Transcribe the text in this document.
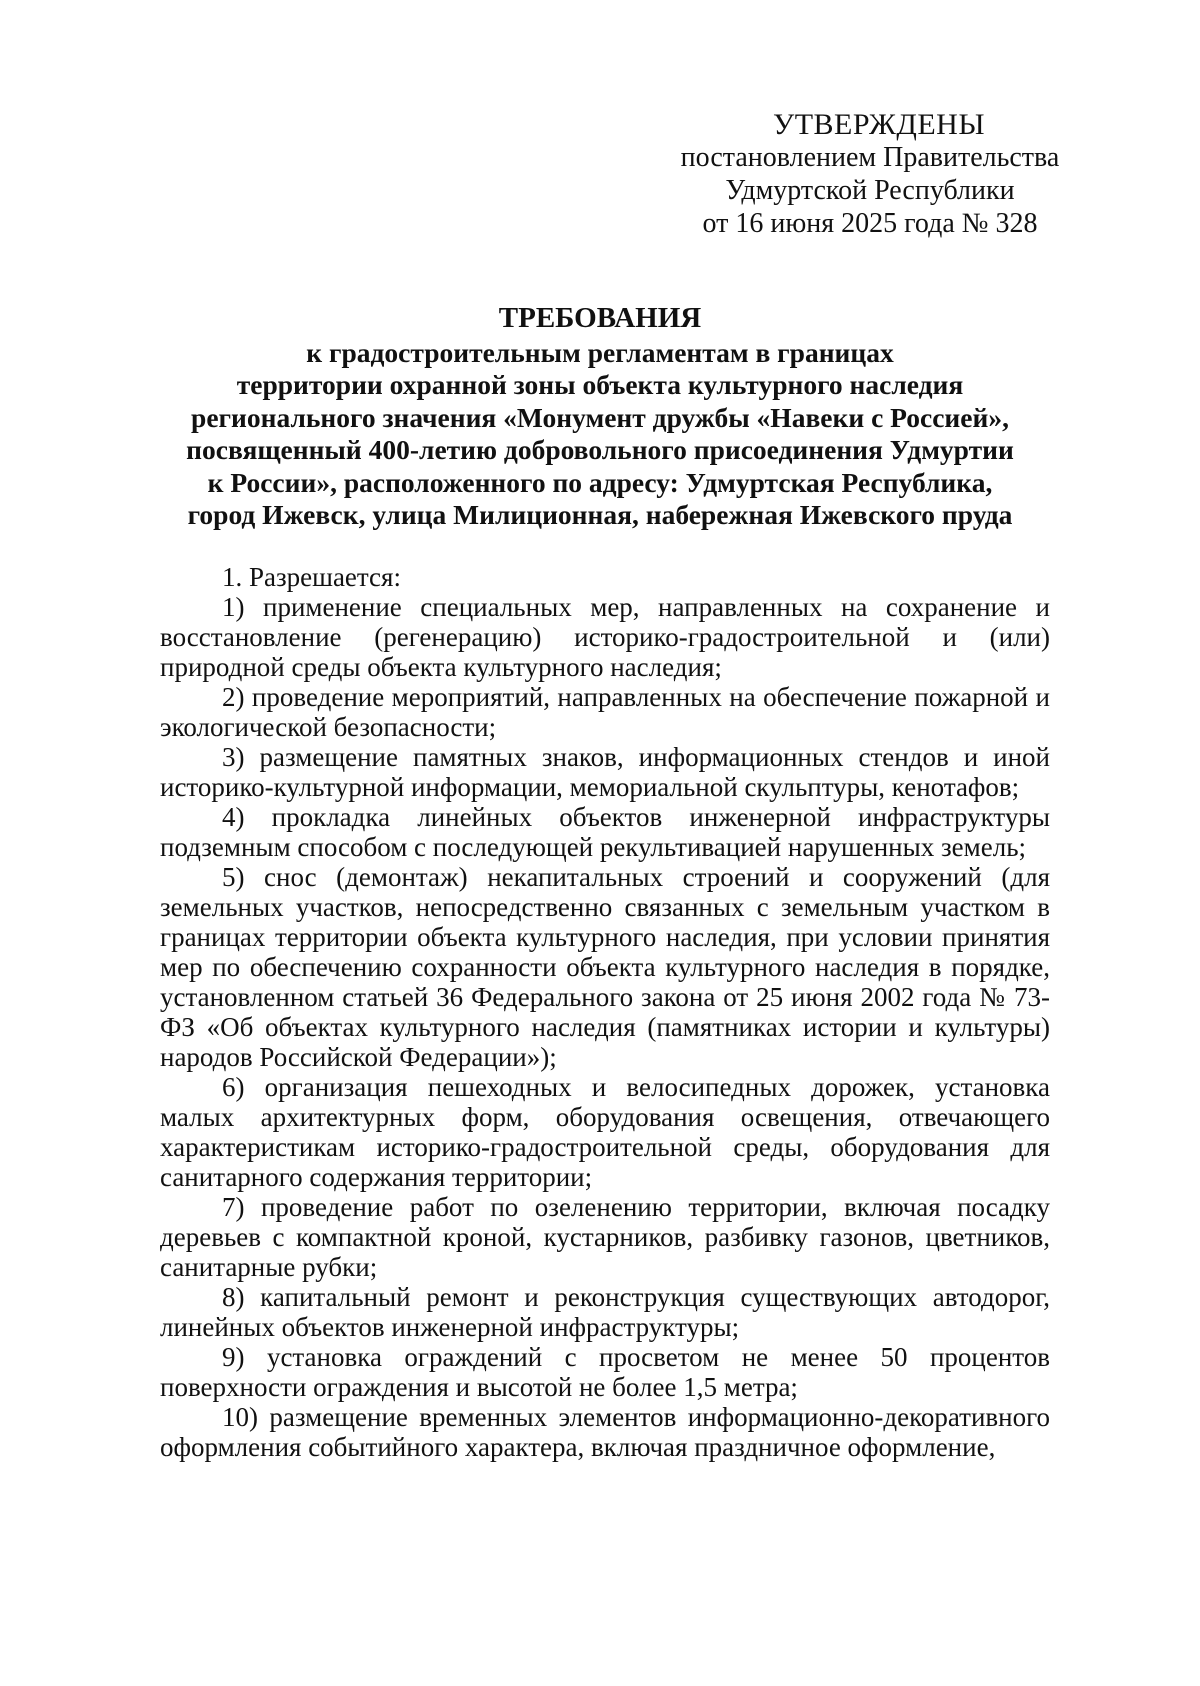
УТВЕРЖДЕНЫ
постановлением Правительства
Удмуртской Республики
от 16 июня 2025 года № 328
ТРЕБОВАНИЯ
к градостроительным регламентам в границах
территории охранной зоны объекта культурного наследия
регионального значения «Монумент дружбы «Навеки с Россией»,
посвященный 400-летию добровольного присоединения Удмуртии
к России», расположенного по адресу: Удмуртская Республика,
город Ижевск, улица Милиционная, набережная Ижевского пруда

1. Разрешается:

1) применение специальных мер, направленных на сохранение и восстановление (регенерацию) историко-градостроительной и (или) природной среды объекта культурного наследия;

2) проведение мероприятий, направленных на обеспечение пожарной и экологической безопасности;

3) размещение памятных знаков, информационных стендов и иной историко-культурной информации, мемориальной скульптуры, кенотафов;

4) прокладка линейных объектов инженерной инфраструктуры подземным способом с последующей рекультивацией нарушенных земель;

5) снос (демонтаж) некапитальных строений и сооружений (для земельных участков, непосредственно связанных с земельным участком в границах территории объекта культурного наследия, при условии принятия мер по обеспечению сохранности объекта культурного наследия в порядке, установленном статьей 36 Федерального закона от 25 июня 2002 года № 73-ФЗ «Об объектах культурного наследия (памятниках истории и культуры) народов Российской Федерации»);

6) организация пешеходных и велосипедных дорожек, установка малых архитектурных форм, оборудования освещения, отвечающего характеристикам историко-градостроительной среды, оборудования для санитарного содержания территории;

7) проведение работ по озеленению территории, включая посадку деревьев с компактной кроной, кустарников, разбивку газонов, цветников, санитарные рубки;

8) капитальный ремонт и реконструкция существующих автодорог, линейных объектов инженерной инфраструктуры;

9) установка ограждений с просветом не менее 50 процентов поверхности ограждения и высотой не более 1,5 метра;

10) размещение временных элементов информационно-декоративного оформления событийного характера, включая праздничное оформление,
